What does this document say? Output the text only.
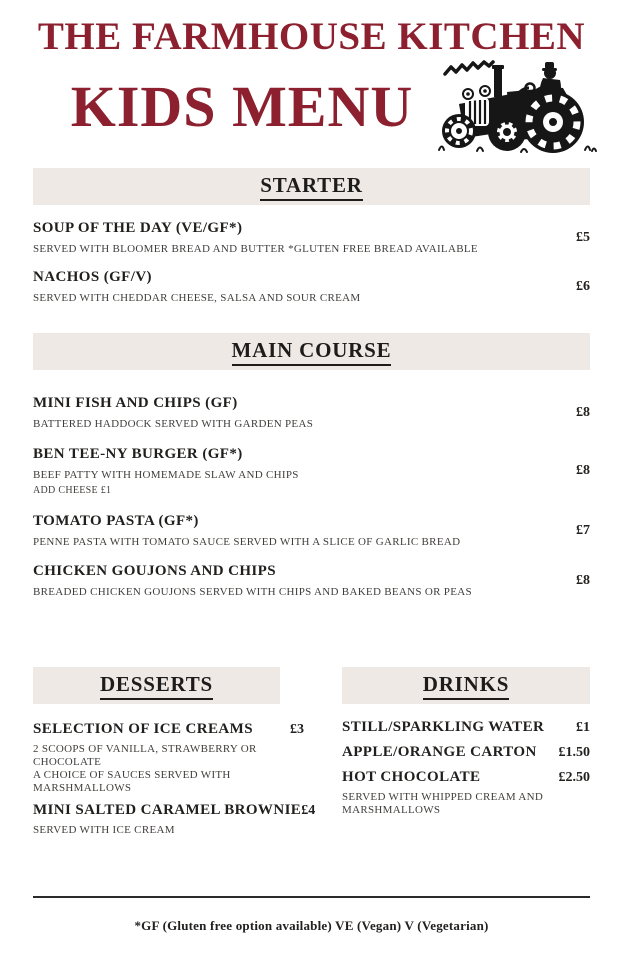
THE FARMHOUSE KITCHEN
KIDS MENU
STARTER
SOUP OF THE DAY (VE/GF*)
SERVED WITH BLOOMER BREAD AND BUTTER *GLUTEN FREE BREAD AVAILABLE
£5
NACHOS (GF/V)
SERVED WITH CHEDDAR CHEESE, SALSA AND SOUR CREAM
£6
MAIN COURSE
MINI FISH AND CHIPS (GF)
BATTERED HADDOCK SERVED WITH GARDEN PEAS
£8
BEN TEE-NY BURGER (GF*)
BEEF PATTY WITH HOMEMADE SLAW AND CHIPS
ADD CHEESE £1
£8
TOMATO PASTA (GF*)
PENNE PASTA WITH TOMATO SAUCE SERVED WITH A SLICE OF GARLIC BREAD
£7
CHICKEN GOUJONS AND CHIPS
BREADED CHICKEN GOUJONS SERVED WITH CHIPS AND BAKED BEANS OR PEAS
£8
DESSERTS
SELECTION OF ICE CREAMS	£3
2 SCOOPS OF VANILLA, STRAWBERRY OR CHOCOLATE
A CHOICE OF SAUCES SERVED WITH MARSHMALLOWS
MINI SALTED CARAMEL BROWNIE £4
SERVED WITH ICE CREAM
DRINKS
STILL/SPARKLING WATER £1
APPLE/ORANGE CARTON £1.50
HOT CHOCOLATE	£2.50
SERVED WITH WHIPPED CREAM AND
MARSHMALLOWS
*GF (Gluten free option available) VE (Vegan) V (Vegetarian)
